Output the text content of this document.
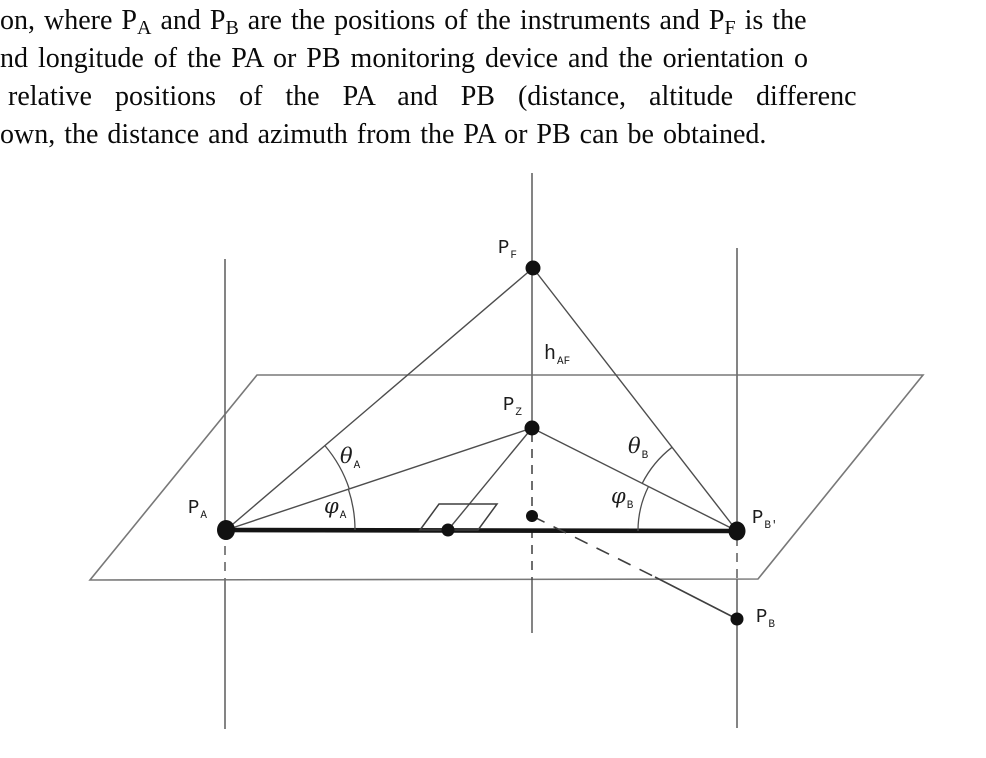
on, where PA and PB are the positions of the instruments and PF is the
nd longitude of the PA or PB monitoring device and the orientation o
relative positions of the PA and PB (distance, altitude differenc
own, the distance and azimuth from the PA or PB can be obtained.
$P_F$
$P_Z$
$P_A$	$P_{B'}$
$P_B$
$h_{AF}$
$\theta_A$
$\theta_B$
$\varphi_A$
$\varphi_B$
